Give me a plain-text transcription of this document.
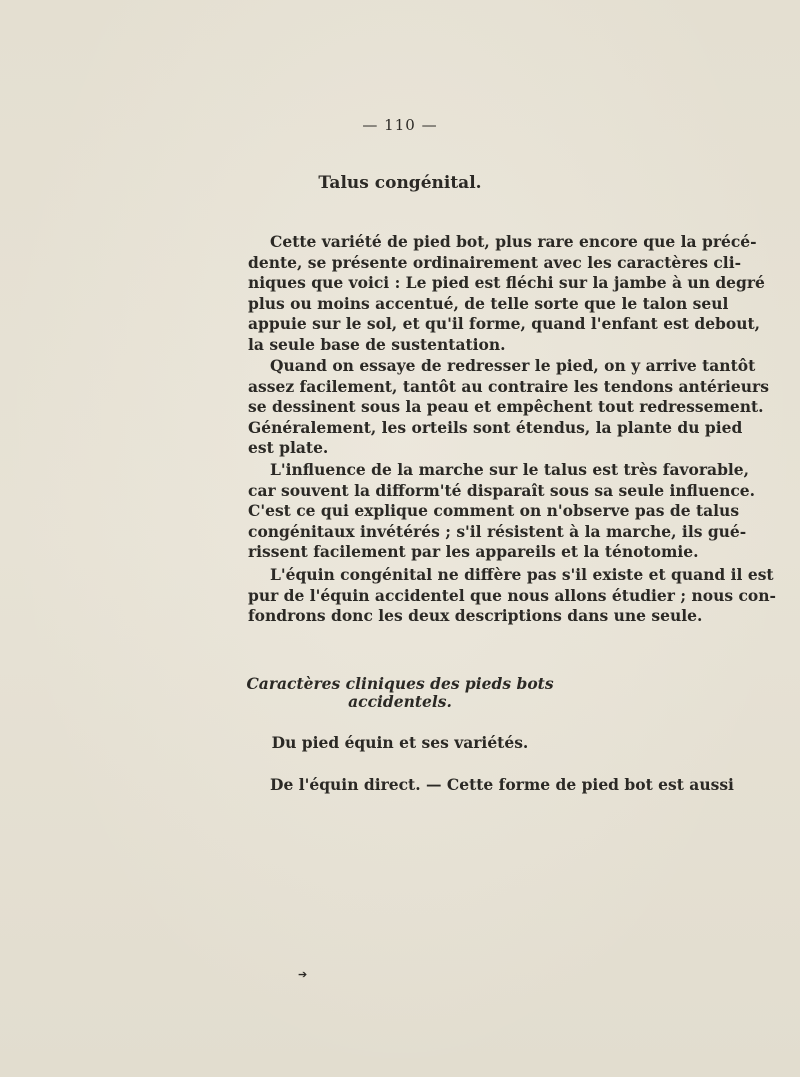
— 110 —
Talus congénital.
Cette variété de pied bot, plus rare encore que la précé-
dente, se présente ordinairement avec les caractères cli-
niques que voici : Le pied est fléchi sur la jambe à un degré
plus ou moins accentué, de telle sorte que le talon seul
appuie sur le sol, et qu'il forme, quand l'enfant est debout,
la seule base de sustentation.
Quand on essaye de redresser le pied, on y arrive tantôt
assez facilement, tantôt au contraire les tendons antérieurs
se dessinent sous la peau et empêchent tout redressement.
Généralement, les orteils sont étendus, la plante du pied
est plate.
L'influence de la marche sur le talus est très favorable,
car souvent la difform'té disparaît sous sa seule influence.
C'est ce qui explique comment on n'observe pas de talus
congénitaux invétérés ; s'il résistent à la marche, ils gué-
rissent facilement par les appareils et la ténotomie.
L'équin congénital ne diffère pas s'il existe et quand il est
pur de l'équin accidentel que nous allons étudier ; nous con-
fondrons donc les deux descriptions dans une seule.
Caractères cliniques des pieds bots
accidentels.
Du pied équin et ses variétés.
De l'équin direct. — Cette forme de pied bot est aussi
➔
